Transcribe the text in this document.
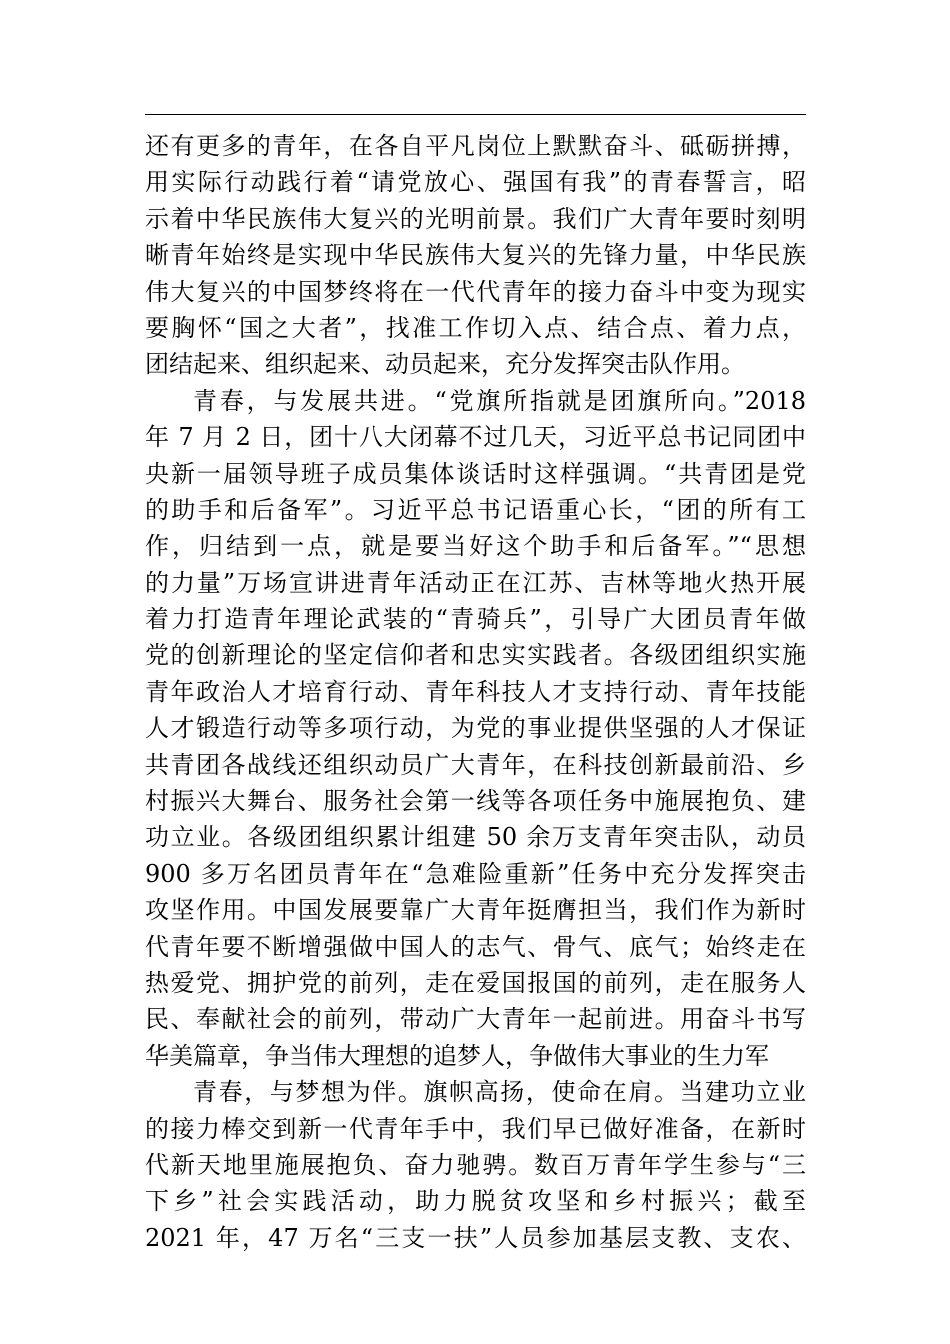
还有更多的青年，在各自平凡岗位上默默奋斗、砥砺拼搏，
用实际行动践行着“请党放心、强国有我”的青春誓言，昭
示着中华民族伟大复兴的光明前景。我们广大青年要时刻明
晰青年始终是实现中华民族伟大复兴的先锋力量，中华民族
伟大复兴的中国梦终将在一代代青年的接力奋斗中变为现实
要胸怀“国之大者”，找准工作切入点、结合点、着力点，
团结起来、组织起来、动员起来，充分发挥突击队作用。
青春，与发展共进。“党旗所指就是团旗所向。”2018
年 7 月 2 日，团十八大闭幕不过几天，习近平总书记同团中
央新一届领导班子成员集体谈话时这样强调。“共青团是党
的助手和后备军”。习近平总书记语重心长，“团的所有工
作，归结到一点，就是要当好这个助手和后备军。”“思想
的力量”万场宣讲进青年活动正在江苏、吉林等地火热开展
着力打造青年理论武装的“青骑兵”，引导广大团员青年做
党的创新理论的坚定信仰者和忠实实践者。各级团组织实施
青年政治人才培育行动、青年科技人才支持行动、青年技能
人才锻造行动等多项行动，为党的事业提供坚强的人才保证
共青团各战线还组织动员广大青年，在科技创新最前沿、乡
村振兴大舞台、服务社会第一线等各项任务中施展抱负、建
功立业。各级团组织累计组建 50 余万支青年突击队，动员
900 多万名团员青年在“急难险重新”任务中充分发挥突击
攻坚作用。中国发展要靠广大青年挺膺担当，我们作为新时
代青年要不断增强做中国人的志气、骨气、底气；始终走在
热爱党、拥护党的前列，走在爱国报国的前列，走在服务人
民、奉献社会的前列，带动广大青年一起前进。用奋斗书写
华美篇章，争当伟大理想的追梦人，争做伟大事业的生力军
青春，与梦想为伴。旗帜高扬，使命在肩。当建功立业
的接力棒交到新一代青年手中，我们早已做好准备，在新时
代新天地里施展抱负、奋力驰骋。数百万青年学生参与“三
下乡”社会实践活动，助力脱贫攻坚和乡村振兴；截至
2021 年，47 万名“三支一扶”人员参加基层支教、支农、
